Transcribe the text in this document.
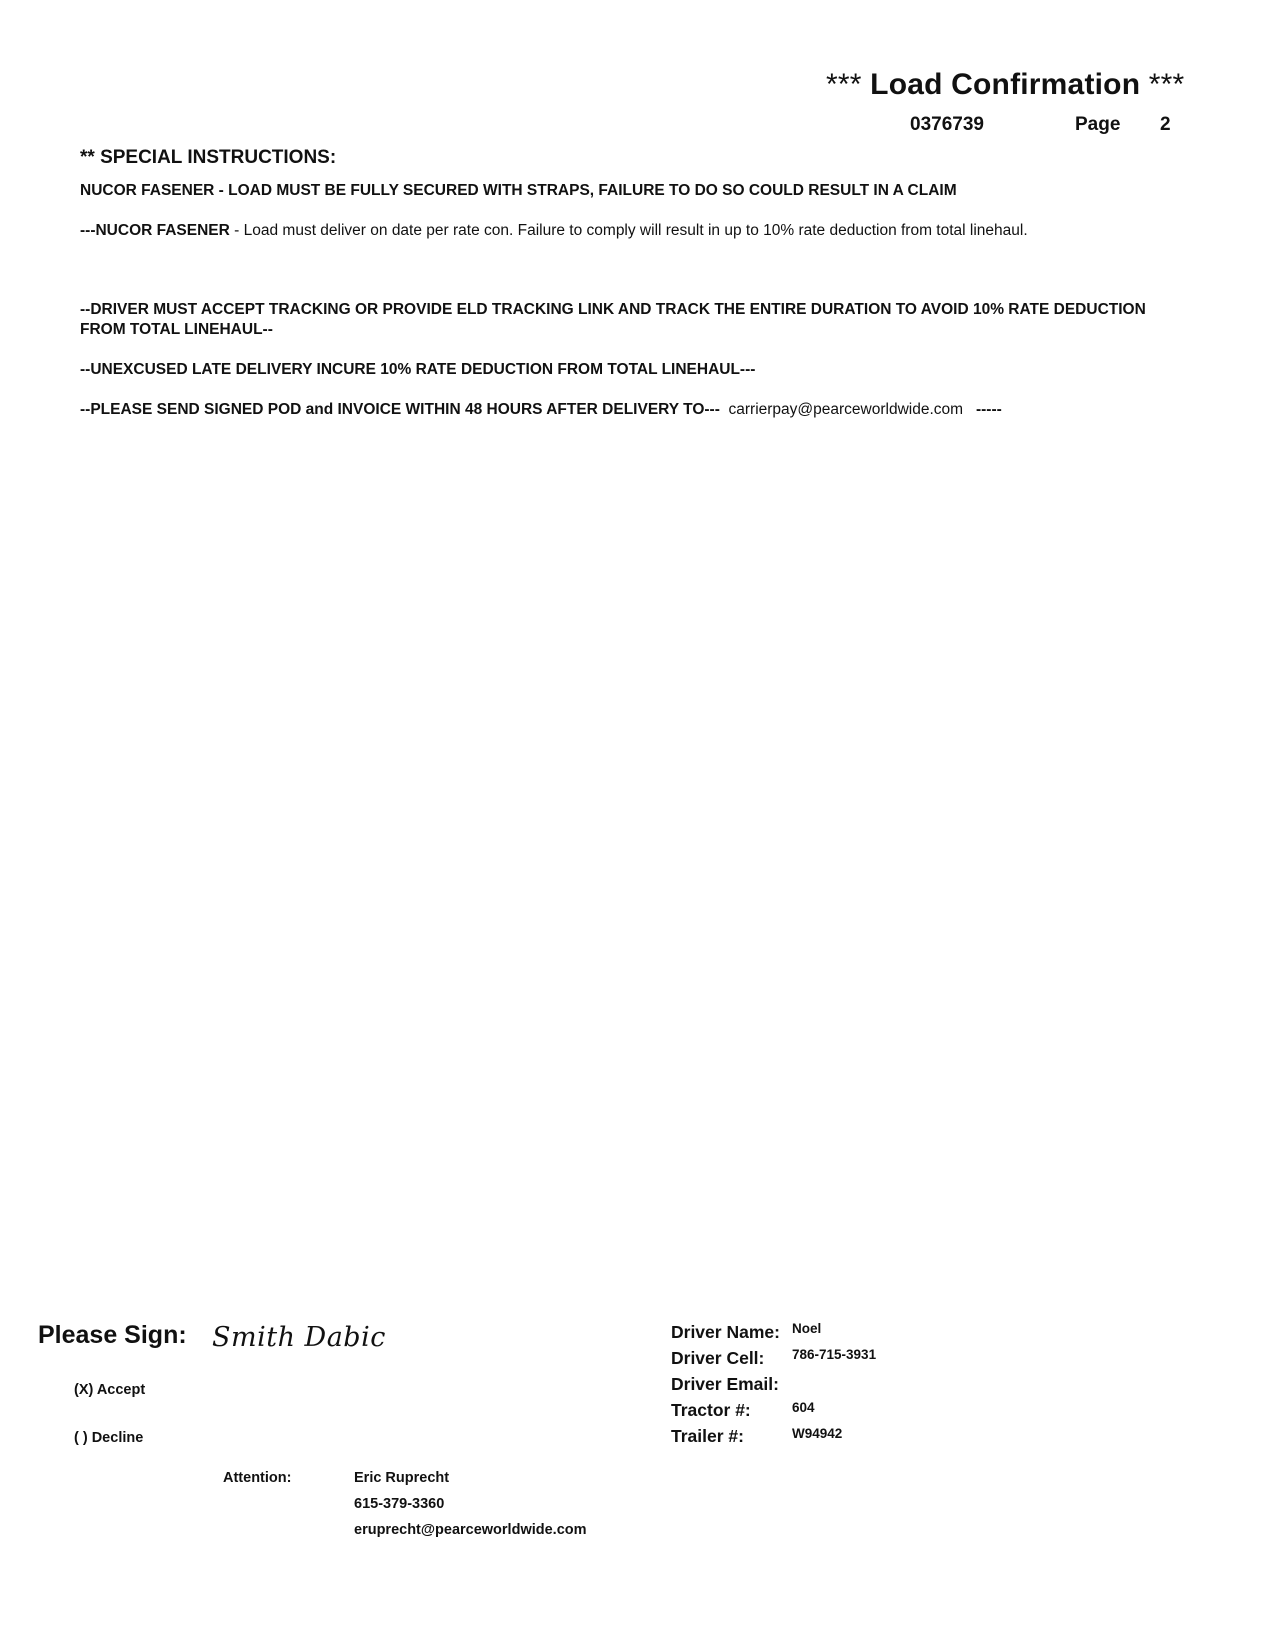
*** Load Confirmation ***
0376739	Page 2
** SPECIAL INSTRUCTIONS:
NUCOR FASENER - LOAD MUST BE FULLY SECURED WITH STRAPS, FAILURE TO DO SO COULD RESULT IN A CLAIM
---NUCOR FASENER - Load must deliver on date per rate con. Failure to comply will result in up to 10% rate deduction from total linehaul.
--DRIVER MUST ACCEPT TRACKING OR PROVIDE ELD TRACKING LINK AND TRACK THE ENTIRE DURATION TO AVOID 10% RATE DEDUCTION FROM TOTAL LINEHAUL--
--UNEXCUSED LATE DELIVERY INCURE 10% RATE DEDUCTION FROM TOTAL LINEHAUL---
--PLEASE SEND SIGNED POD and INVOICE WITHIN 48 HOURS AFTER DELIVERY TO--- carrierpay@pearceworldwide.com -----
Please Sign: Smith Dabic
(X) Accept
( ) Decline
Attention:	Eric Ruprecht
615-379-3360
eruprecht@pearceworldwide.com
Driver Name: Noel
Driver Cell: 786-715-3931
Driver Email:
Tractor #:	604
Trailer #:	W94942
